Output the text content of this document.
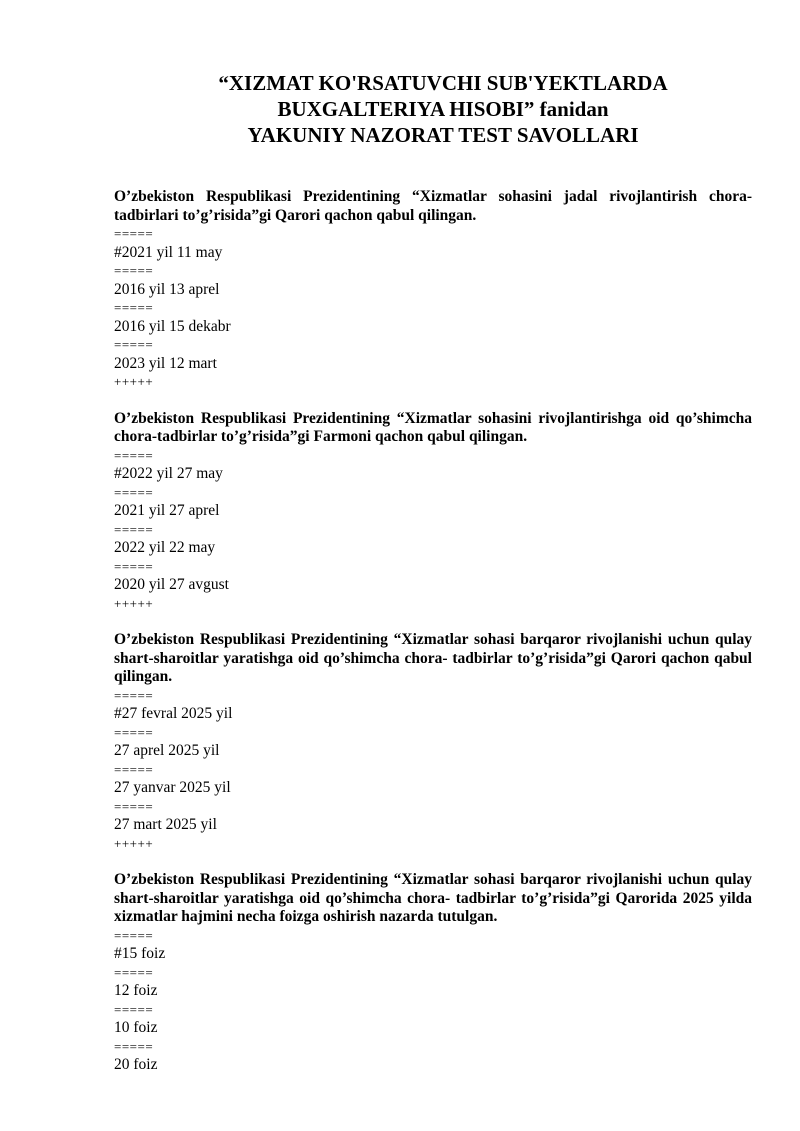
“XIZMAT KO'RSATUVCHI SUB'YEKTLARDA
BUXGALTERIYA HISOBI” fanidan
YAKUNIY NAZORAT TEST SAVOLLARI

O’zbekiston Respublikasi Prezidentining “Xizmatlar sohasini jadal rivojlantirish chora-tadbirlari to’g’risida”gi Qarori qachon qabul qilingan.

=====
#2021 yil 11 may
=====
2016 yil 13 aprel
=====
2016 yil 15 dekabr
=====
2023 yil 12 mart
+++++

O’zbekiston Respublikasi Prezidentining “Xizmatlar sohasini rivojlantirishga oid qo’shimcha chora-tadbirlar to’g’risida”gi Farmoni qachon qabul qilingan.

=====
#2022 yil 27 may
=====
2021 yil 27 aprel
=====
2022 yil 22 may
=====
2020 yil 27 avgust
+++++

O’zbekiston Respublikasi Prezidentining “Xizmatlar sohasi barqaror rivojlanishi uchun qulay shart-sharoitlar yaratishga oid qo’shimcha chora- tadbirlar to’g’risida”gi Qarori qachon qabul qilingan.

=====
#27 fevral 2025 yil
=====
27 aprel 2025 yil
=====
27 yanvar 2025 yil
=====
27 mart 2025 yil
+++++

O’zbekiston Respublikasi Prezidentining “Xizmatlar sohasi barqaror rivojlanishi uchun qulay shart-sharoitlar yaratishga oid qo’shimcha chora- tadbirlar to’g’risida”gi Qarorida 2025 yilda xizmatlar hajmini necha foizga oshirish nazarda tutulgan.

=====
#15 foiz
=====
12 foiz
=====
10 foiz
=====
20 foiz
